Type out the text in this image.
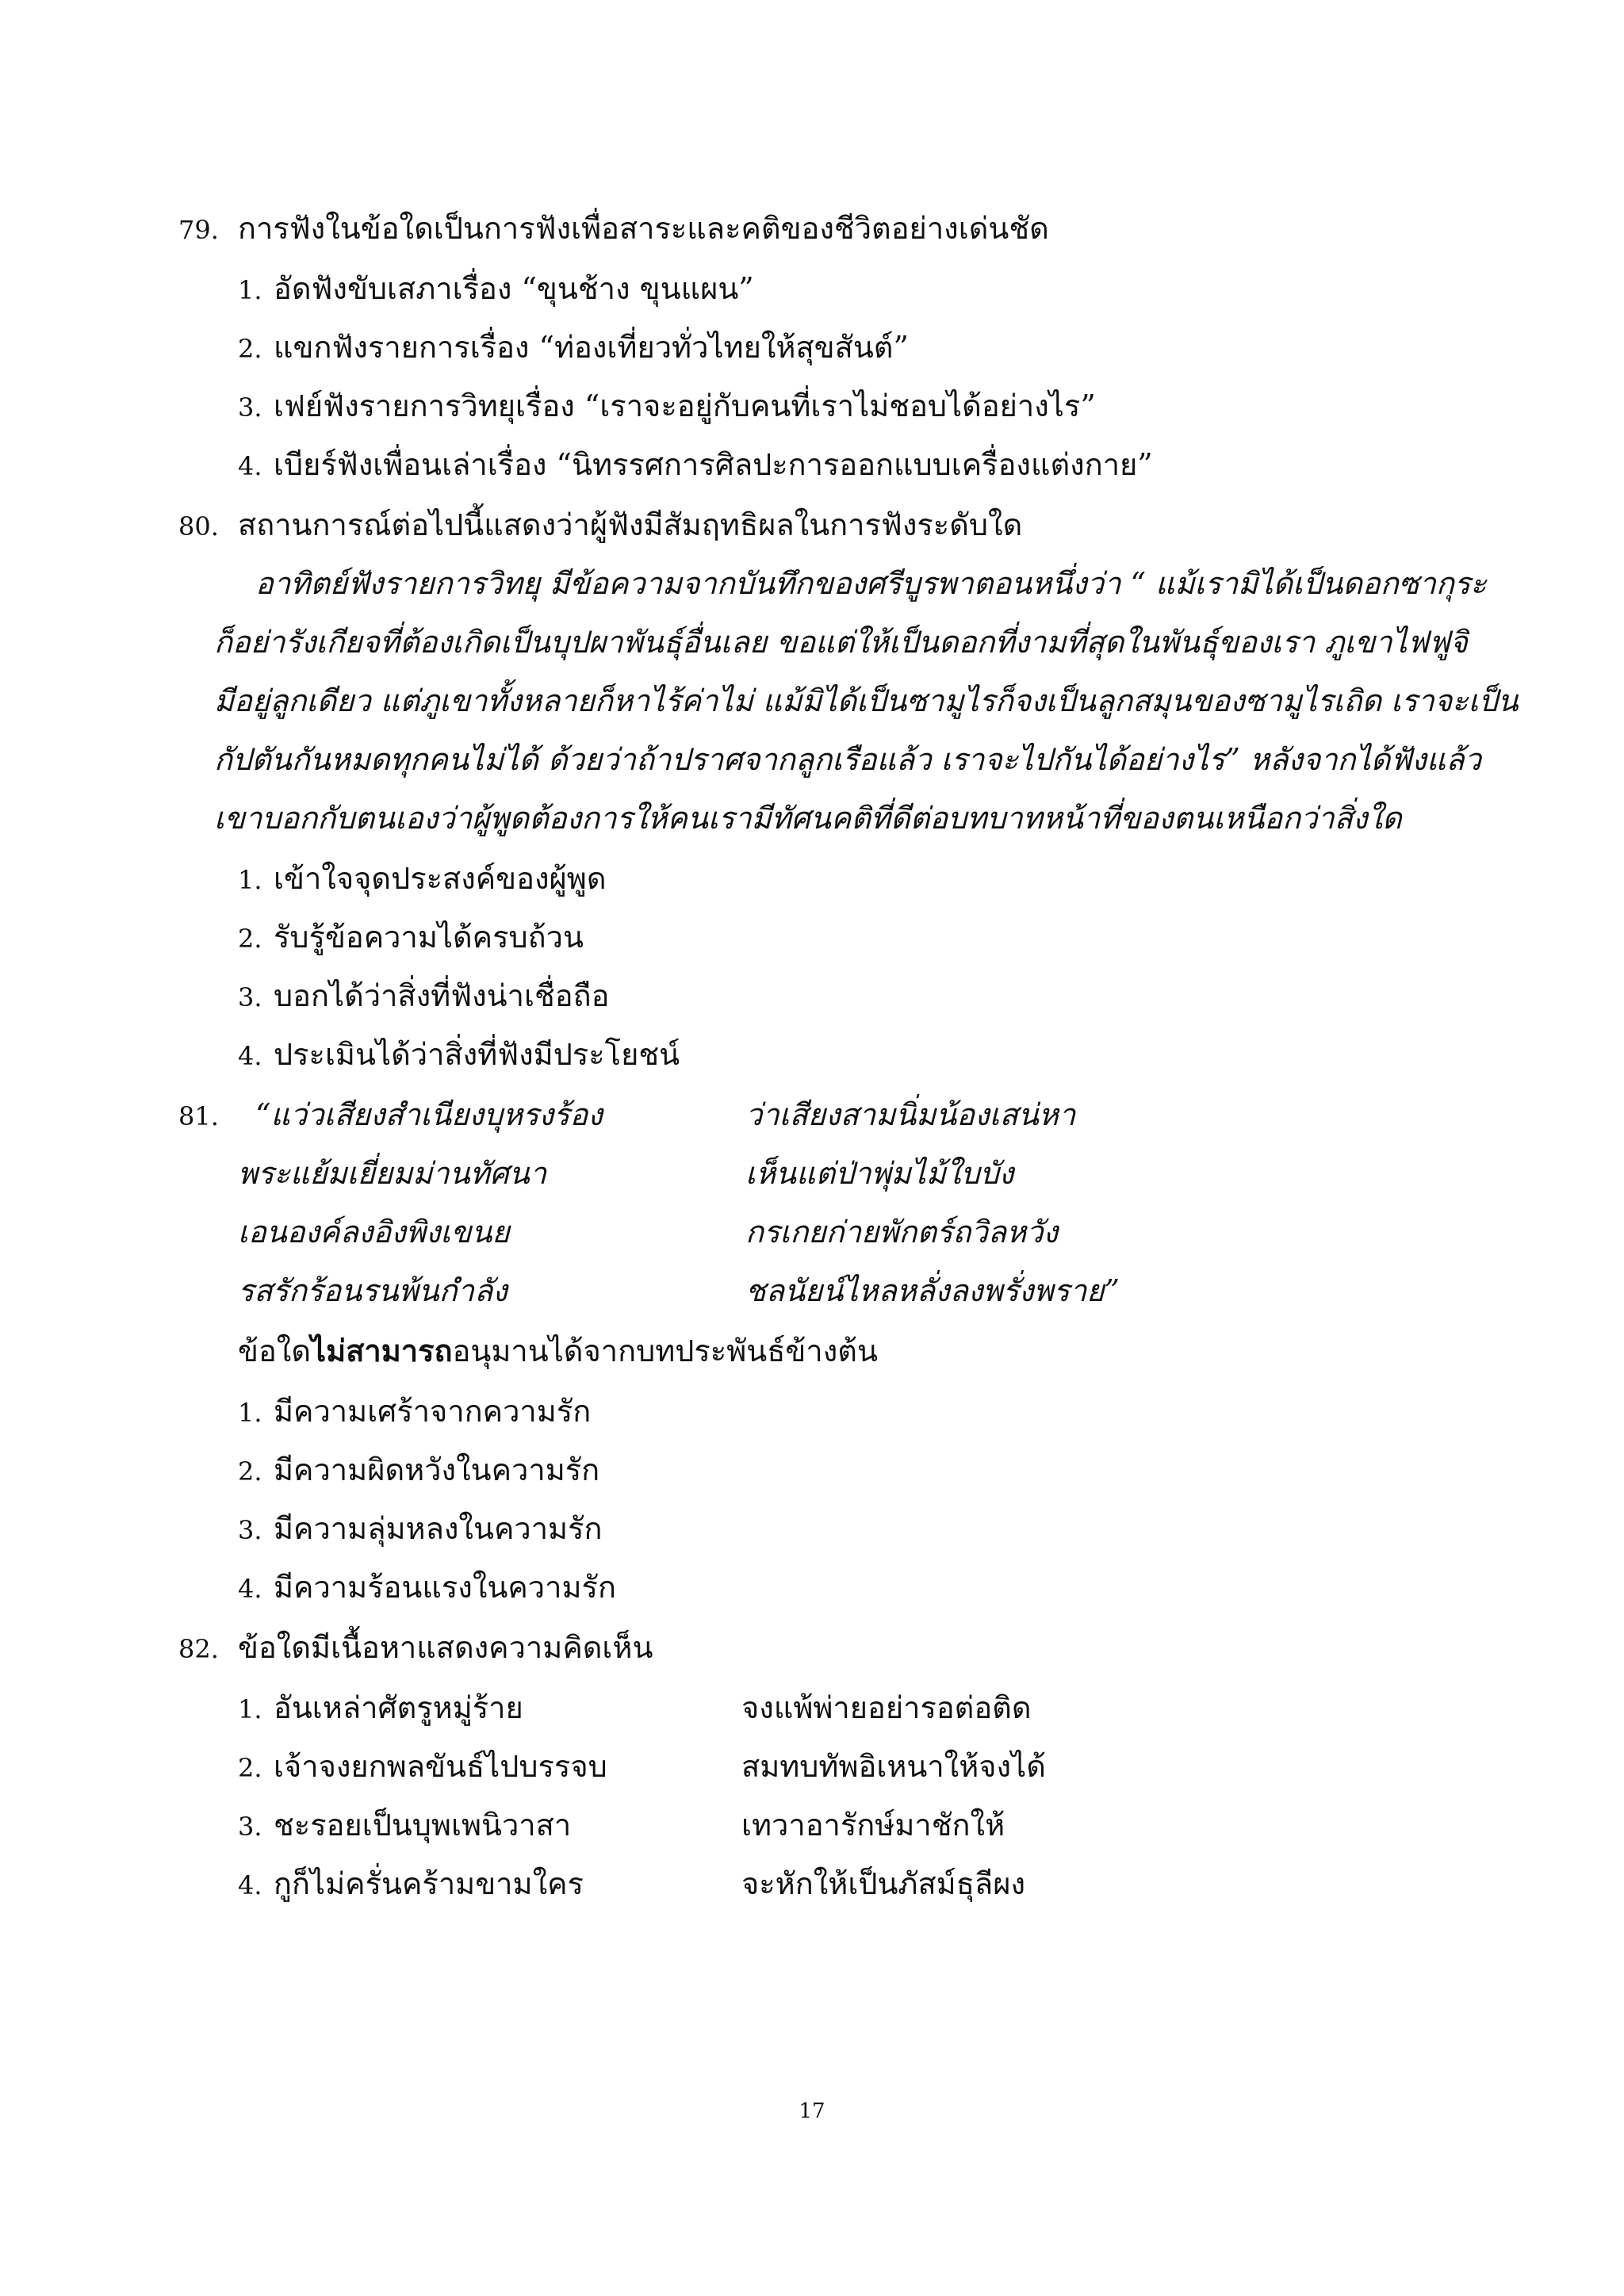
79. การฟังในข้อใดเป็นการฟังเพื่อสาระและคติของชีวิตอย่างเด่นชัด
1. อัดฟังขับเสภาเรื่อง “ขุนช้าง ขุนแผน”
2. แขกฟังรายการเรื่อง “ท่องเที่ยวทั่วไทยให้สุขสันต์”
3. เฟย์ฟังรายการวิทยุเรื่อง “เราจะอยู่กับคนที่เราไม่ชอบได้อย่างไร”
4. เบียร์ฟังเพื่อนเล่าเรื่อง “นิทรรศการศิลปะการออกแบบเครื่องแต่งกาย”
80. สถานการณ์ต่อไปนี้แสดงว่าผู้ฟังมีสัมฤทธิผลในการฟังระดับใด
อาทิตย์ฟังรายการวิทยุ มีข้อความจากบันทึกของศรีบูรพาตอนหนึ่งว่า “ แม้เรามิได้เป็นดอกซากุระ
ก็อย่ารังเกียจที่ต้องเกิดเป็นบุปผาพันธุ์อื่นเลย ขอแต่ให้เป็นดอกที่งามที่สุดในพันธุ์ของเรา ภูเขาไฟฟูจิ
มีอยู่ลูกเดียว แต่ภูเขาทั้งหลายก็หาไร้ค่าไม่ แม้มิได้เป็นซามูไรก็จงเป็นลูกสมุนของซามูไรเถิด เราจะเป็น
กัปตันกันหมดทุกคนไม่ได้ ด้วยว่าถ้าปราศจากลูกเรือแล้ว เราจะไปกันได้อย่างไร” หลังจากได้ฟังแล้ว
เขาบอกกับตนเองว่าผู้พูดต้องการให้คนเรามีทัศนคติที่ดีต่อบทบาทหน้าที่ของตนเหนือกว่าสิ่งใด
1. เข้าใจจุดประสงค์ของผู้พูด
2. รับรู้ข้อความได้ครบถ้วน
3. บอกได้ว่าสิ่งที่ฟังน่าเชื่อถือ
4. ประเมินได้ว่าสิ่งที่ฟังมีประโยชน์
81. “แว่วเสียงสำเนียงบุหรงร้อง	ว่าเสียงสามนิ่มน้องเสน่หา
พระแย้มเยี่ยมม่านทัศนา	เห็นแต่ป่าพุ่มไม้ใบบัง
เอนองค์ลงอิงพิงเขนย	กรเกยก่ายพักตร์ถวิลหวัง
รสรักร้อนรนพ้นกำลัง	ชลนัยน์ไหลหลั่งลงพรั่งพราย”
ข้อใดไม่สามารถอนุมานได้จากบทประพันธ์ข้างต้น
1. มีความเศร้าจากความรัก
2. มีความผิดหวังในความรัก
3. มีความลุ่มหลงในความรัก
4. มีความร้อนแรงในความรัก
82. ข้อใดมีเนื้อหาแสดงความคิดเห็น
1. อันเหล่าศัตรูหมู่ร้าย	จงแพ้พ่ายอย่ารอต่อติด
2. เจ้าจงยกพลขันธ์ไปบรรจบ	สมทบทัพอิเหนาให้จงได้
3. ชะรอยเป็นบุพเพนิวาสา	เทวาอารักษ์มาชักให้
4. กูก็ไม่ครั่นคร้ามขามใคร	จะหักให้เป็นภัสม์ธุลีผง
17
